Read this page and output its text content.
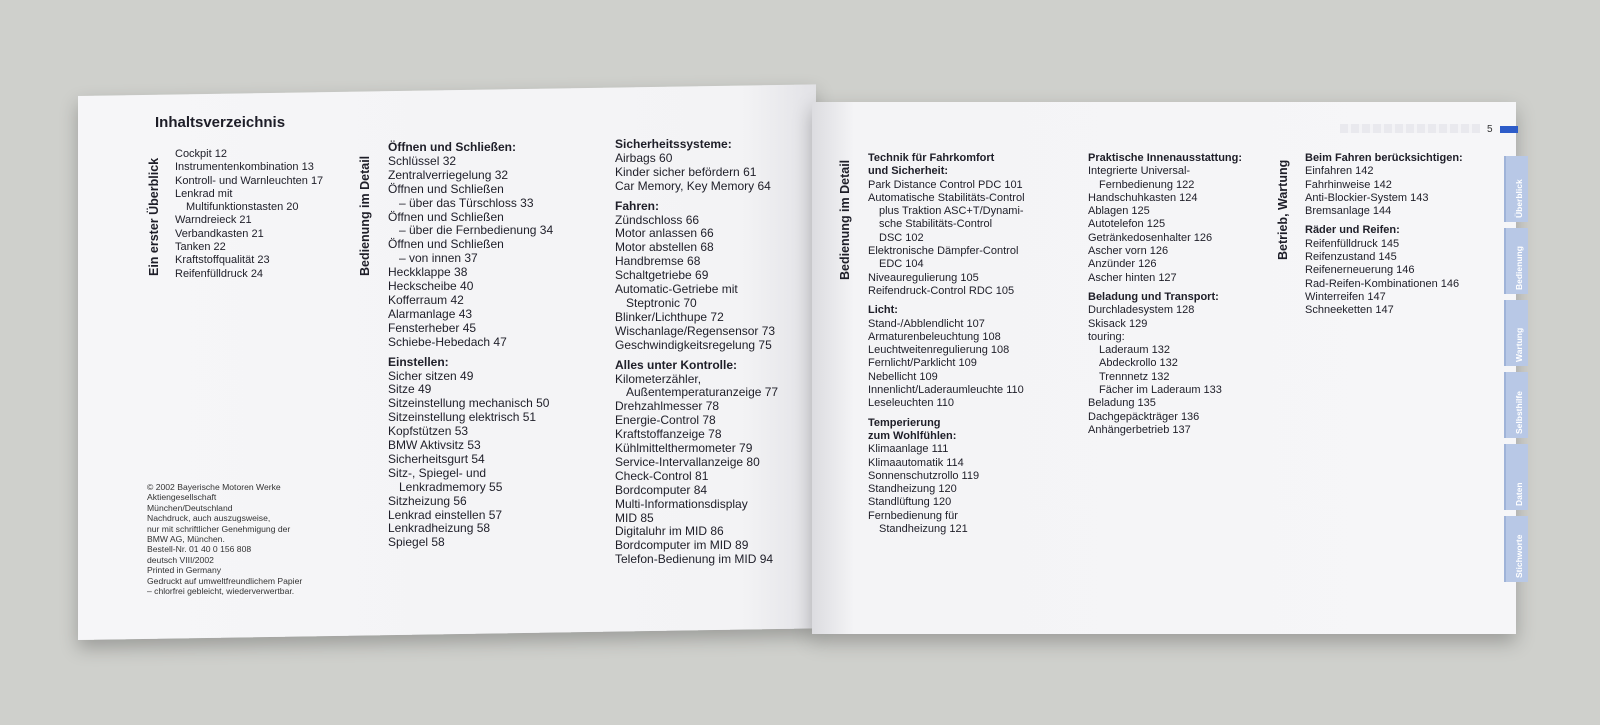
Inhaltsverzeichnis
Ein erster Überblick	Bedienung im Detail	Bedienung im Detail	Betrieb, Wartung
Cockpit 12
Instrumentenkombination 13
Kontroll- und Warnleuchten 17
Lenkrad mit
Multifunktionstasten 20
Warndreieck 21
Verbandkasten 21
Tanken 22
Kraftstoffqualität 23
Reifenfülldruck 24
Öffnen und Schließen:
Schlüssel 32
Zentralverriegelung 32
Öffnen und Schließen
– über das Türschloss 33
Öffnen und Schließen
– über die Fernbedienung 34
Öffnen und Schließen
– von innen 37
Heckklappe 38
Heckscheibe 40
Kofferraum 42
Alarmanlage 43
Fensterheber 45
Schiebe-Hebedach 47
Einstellen:
Sicher sitzen 49
Sitze 49
Sitzeinstellung mechanisch 50
Sitzeinstellung elektrisch 51
Kopfstützen 53
BMW Aktivsitz 53
Sicherheitsgurt 54
Sitz-, Spiegel- und
Lenkradmemory 55
Sitzheizung 56
Lenkrad einstellen 57
Lenkradheizung 58
Spiegel 58
Sicherheitssysteme:
Airbags 60
Kinder sicher befördern 61
Car Memory, Key Memory 64
Fahren:
Zündschloss 66
Motor anlassen 66
Motor abstellen 68
Handbremse 68
Schaltgetriebe 69
Automatic-Getriebe mit
Steptronic 70
Blinker/Lichthupe 72
Wischanlage/Regensensor 73
Geschwindigkeitsregelung 75
Alles unter Kontrolle:
Kilometerzähler,
Außentemperaturanzeige 77
Drehzahlmesser 78
Energie-Control 78
Kraftstoffanzeige 78
Kühlmittelthermometer 79
Service-Intervallanzeige 80
Check-Control 81
Bordcomputer 84
Multi-Informationsdisplay
MID 85
Digitaluhr im MID 86
Bordcomputer im MID 89
Telefon-Bedienung im MID 94
Technik für Fahrkomfort
und Sicherheit:
Park Distance Control PDC 101
Automatische Stabilitäts-Control
plus Traktion ASC+T/Dynami-
sche Stabilitäts-Control
DSC 102
Elektronische Dämpfer-Control
EDC 104
Niveauregulierung 105
Reifendruck-Control RDC 105
Licht:
Stand-/Abblendlicht 107
Armaturenbeleuchtung 108
Leuchtweitenregulierung 108
Fernlicht/Parklicht 109
Nebellicht 109
Innenlicht/Laderaumleuchte 110
Leseleuchten 110
Temperierung
zum Wohlfühlen:
Klimaanlage 111
Klimaautomatik 114
Sonnenschutzrollo 119
Standheizung 120
Standlüftung 120
Fernbedienung für
Standheizung 121
Praktische Innenausstattung:
Integrierte Universal-
Fernbedienung 122
Handschuhkasten 124
Ablagen 125
Autotelefon 125
Getränkedosenhalter 126
Ascher vorn 126
Anzünder 126
Ascher hinten 127
Beladung und Transport:
Durchladesystem 128
Skisack 129
touring:
Laderaum 132
Abdeckrollo 132
Trennnetz 132
Fächer im Laderaum 133
Beladung 135
Dachgepäckträger 136
Anhängerbetrieb 137
Beim Fahren berücksichtigen:
Einfahren 142
Fahrhinweise 142
Anti-Blockier-System 143
Bremsanlage 144
Räder und Reifen:
Reifenfülldruck 145
Reifenzustand 145
Reifenerneuerung 146
Rad-Reifen-Kombinationen 146
Winterreifen 147
Schneeketten 147
© 2002 Bayerische Motoren Werke
Aktiengesellschaft
München/Deutschland
Nachdruck, auch auszugsweise,
nur mit schriftlicher Genehmigung der
BMW AG, München.
Bestell-Nr. 01 40 0 156 808
deutsch VIII/2002
Printed in Germany
Gedruckt auf umweltfreundlichem Papier
– chlorfrei gebleicht, wiederverwertbar.
5
Überblick
Bedienung
Wartung
Selbsthilfe
Daten
Stichworte
